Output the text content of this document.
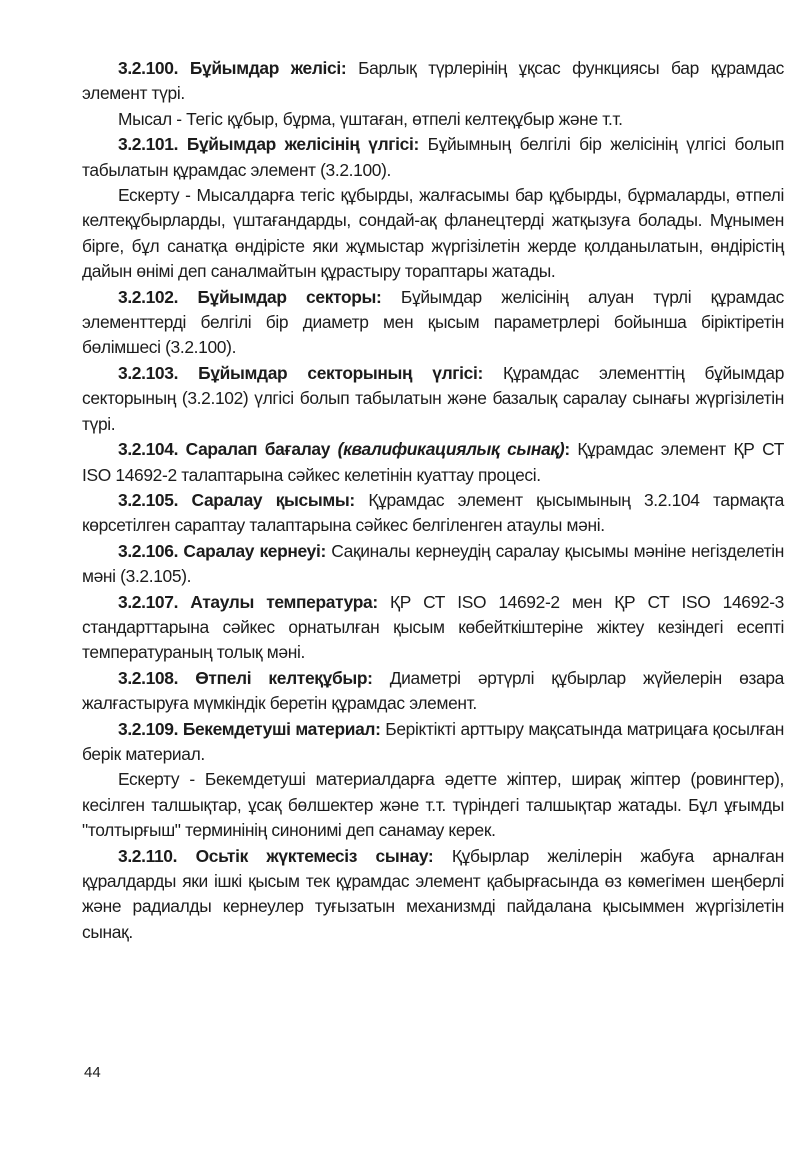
3.2.100. Бұйымдар желісі: Барлық түрлерінің ұқсас функциясы бар құрамдас элемент түрі.

Мысал - Тегіс құбыр, бұрма, үштаған, өтпелі келтеқұбыр және т.т.

3.2.101. Бұйымдар желісінің үлгісі: Бұйымның белгілі бір желісінің үлгісі болып табылатын құрамдас элемент (3.2.100).

Ескерту - Мысалдарға тегіс құбырды, жалғасымы бар құбырды, бұрмаларды, өтпелі келтеқұбырларды, үштағандарды, сондай-ақ фланецтерді жатқызуға болады. Мұнымен бірге, бұл санатқа өндірісте яки жұмыстар жүргізілетін жерде қолданылатын, өндірістің дайын өнімі деп саналмайтын құрастыру тораптары жатады.

3.2.102. Бұйымдар секторы: Бұйымдар желісінің алуан түрлі құрамдас элементтерді белгілі бір диаметр мен қысым параметрлері бойынша біріктіретін бөлімшесі (3.2.100).

3.2.103. Бұйымдар секторының үлгісі: Құрамдас элементтің бұйымдар секторының (3.2.102) үлгісі болып табылатын және базалық саралау сынағы жүргізілетін түрі.

3.2.104. Саралап бағалау (квалификациялық сынақ): Құрамдас элемент ҚР СТ ISO 14692-2 талаптарына сәйкес келетінін куаттау процесі.

3.2.105. Саралау қысымы: Құрамдас элемент қысымының 3.2.104 тармақта көрсетілген сараптау талаптарына сәйкес белгіленген атаулы мәні.

3.2.106. Саралау кернеуі: Сақиналы кернеудің саралау қысымы мәніне негізделетін мәні (3.2.105).

3.2.107. Атаулы температура: ҚР СТ ISO 14692-2 мен ҚР СТ ISO 14692-3 стандарттарына сәйкес орнатылған қысым көбейткіштеріне жіктеу кезіндегі есепті температураның толық мәні.

3.2.108. Өтпелі келтеқұбыр: Диаметрі әртүрлі құбырлар жүйелерін өзара жалғастыруға мүмкіндік беретін құрамдас элемент.

3.2.109. Бекемдетуші материал: Беріктікті арттыру мақсатында матрицаға қосылған берік материал.

Ескерту - Бекемдетуші материалдарға әдетте жіптер, ширақ жіптер (ровингтер), кесілген талшықтар, ұсақ бөлшектер және т.т. түріндегі талшықтар жатады. Бұл ұғымды "толтырғыш" терминінің синонимі деп санамау керек.

3.2.110. Осьтік жүктемесіз сынау: Құбырлар желілерін жабуға арналған құралдарды яки ішкі қысым тек құрамдас элемент қабырғасында өз көмегімен шеңберлі және радиалды кернеулер туғызатын механизмді пайдалана қысыммен жүргізілетін сынақ.

44
